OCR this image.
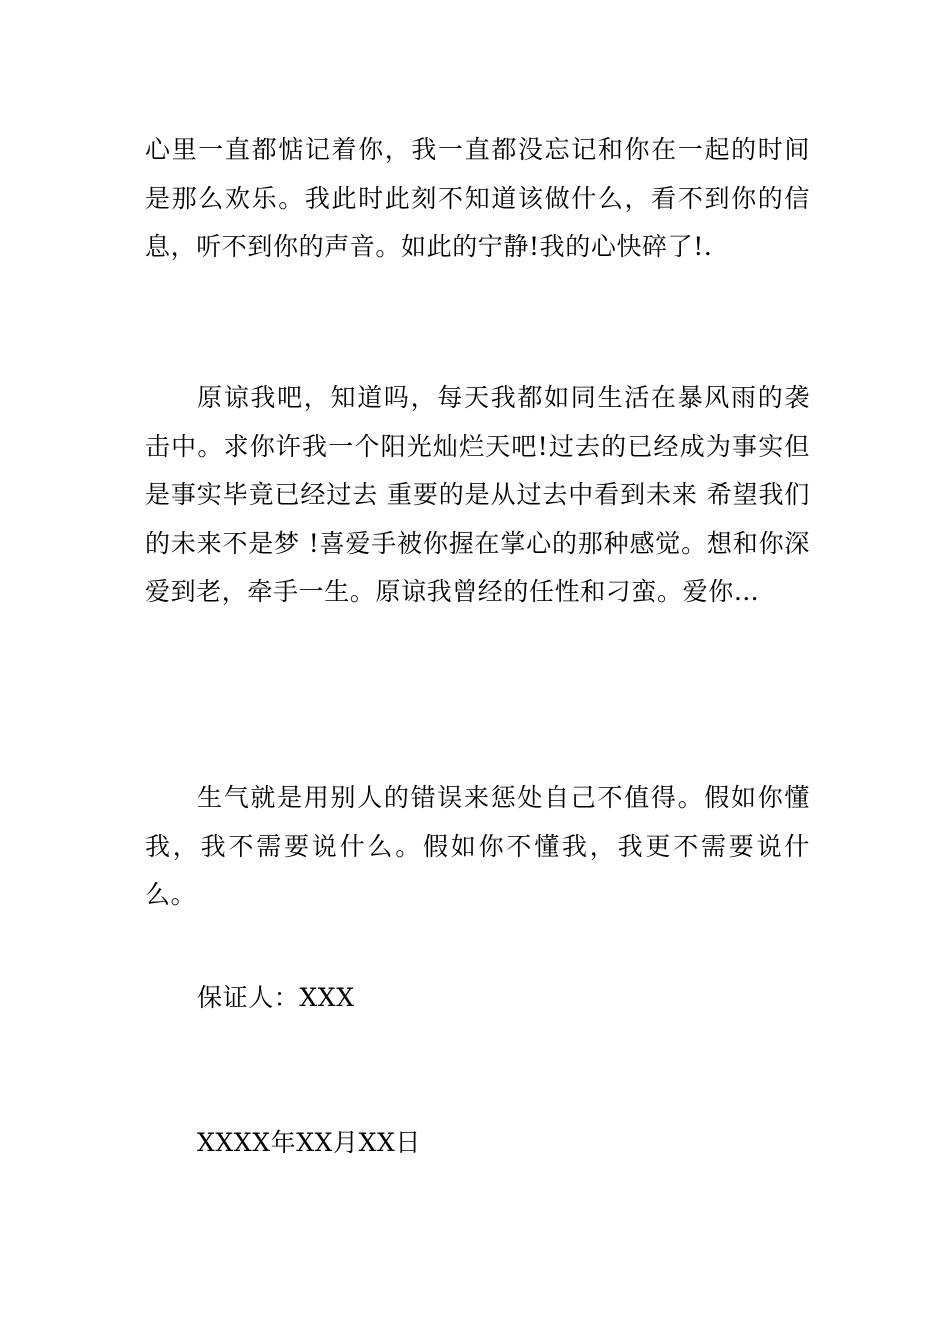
心里一直都惦记着你，我一直都没忘记和你在一起的时间是那么欢乐。我此时此刻不知道该做什么，看不到你的信息，听不到你的声音。如此的宁静!我的心快碎了!.

原谅我吧，知道吗，每天我都如同生活在暴风雨的袭击中。求你许我一个阳光灿烂天吧!过去的已经成为事实但是事实毕竟已经过去 重要的是从过去中看到未来 希望我们的未来不是梦 !喜爱手被你握在掌心的那种感觉。想和你深爱到老，牵手一生。原谅我曾经的任性和刁蛮。爱你…

生气就是用别人的错误来惩处自己不值得。假如你懂我，我不需要说什么。假如你不懂我，我更不需要说什么。

保证人：XXX

XXXX年XX月XX日
